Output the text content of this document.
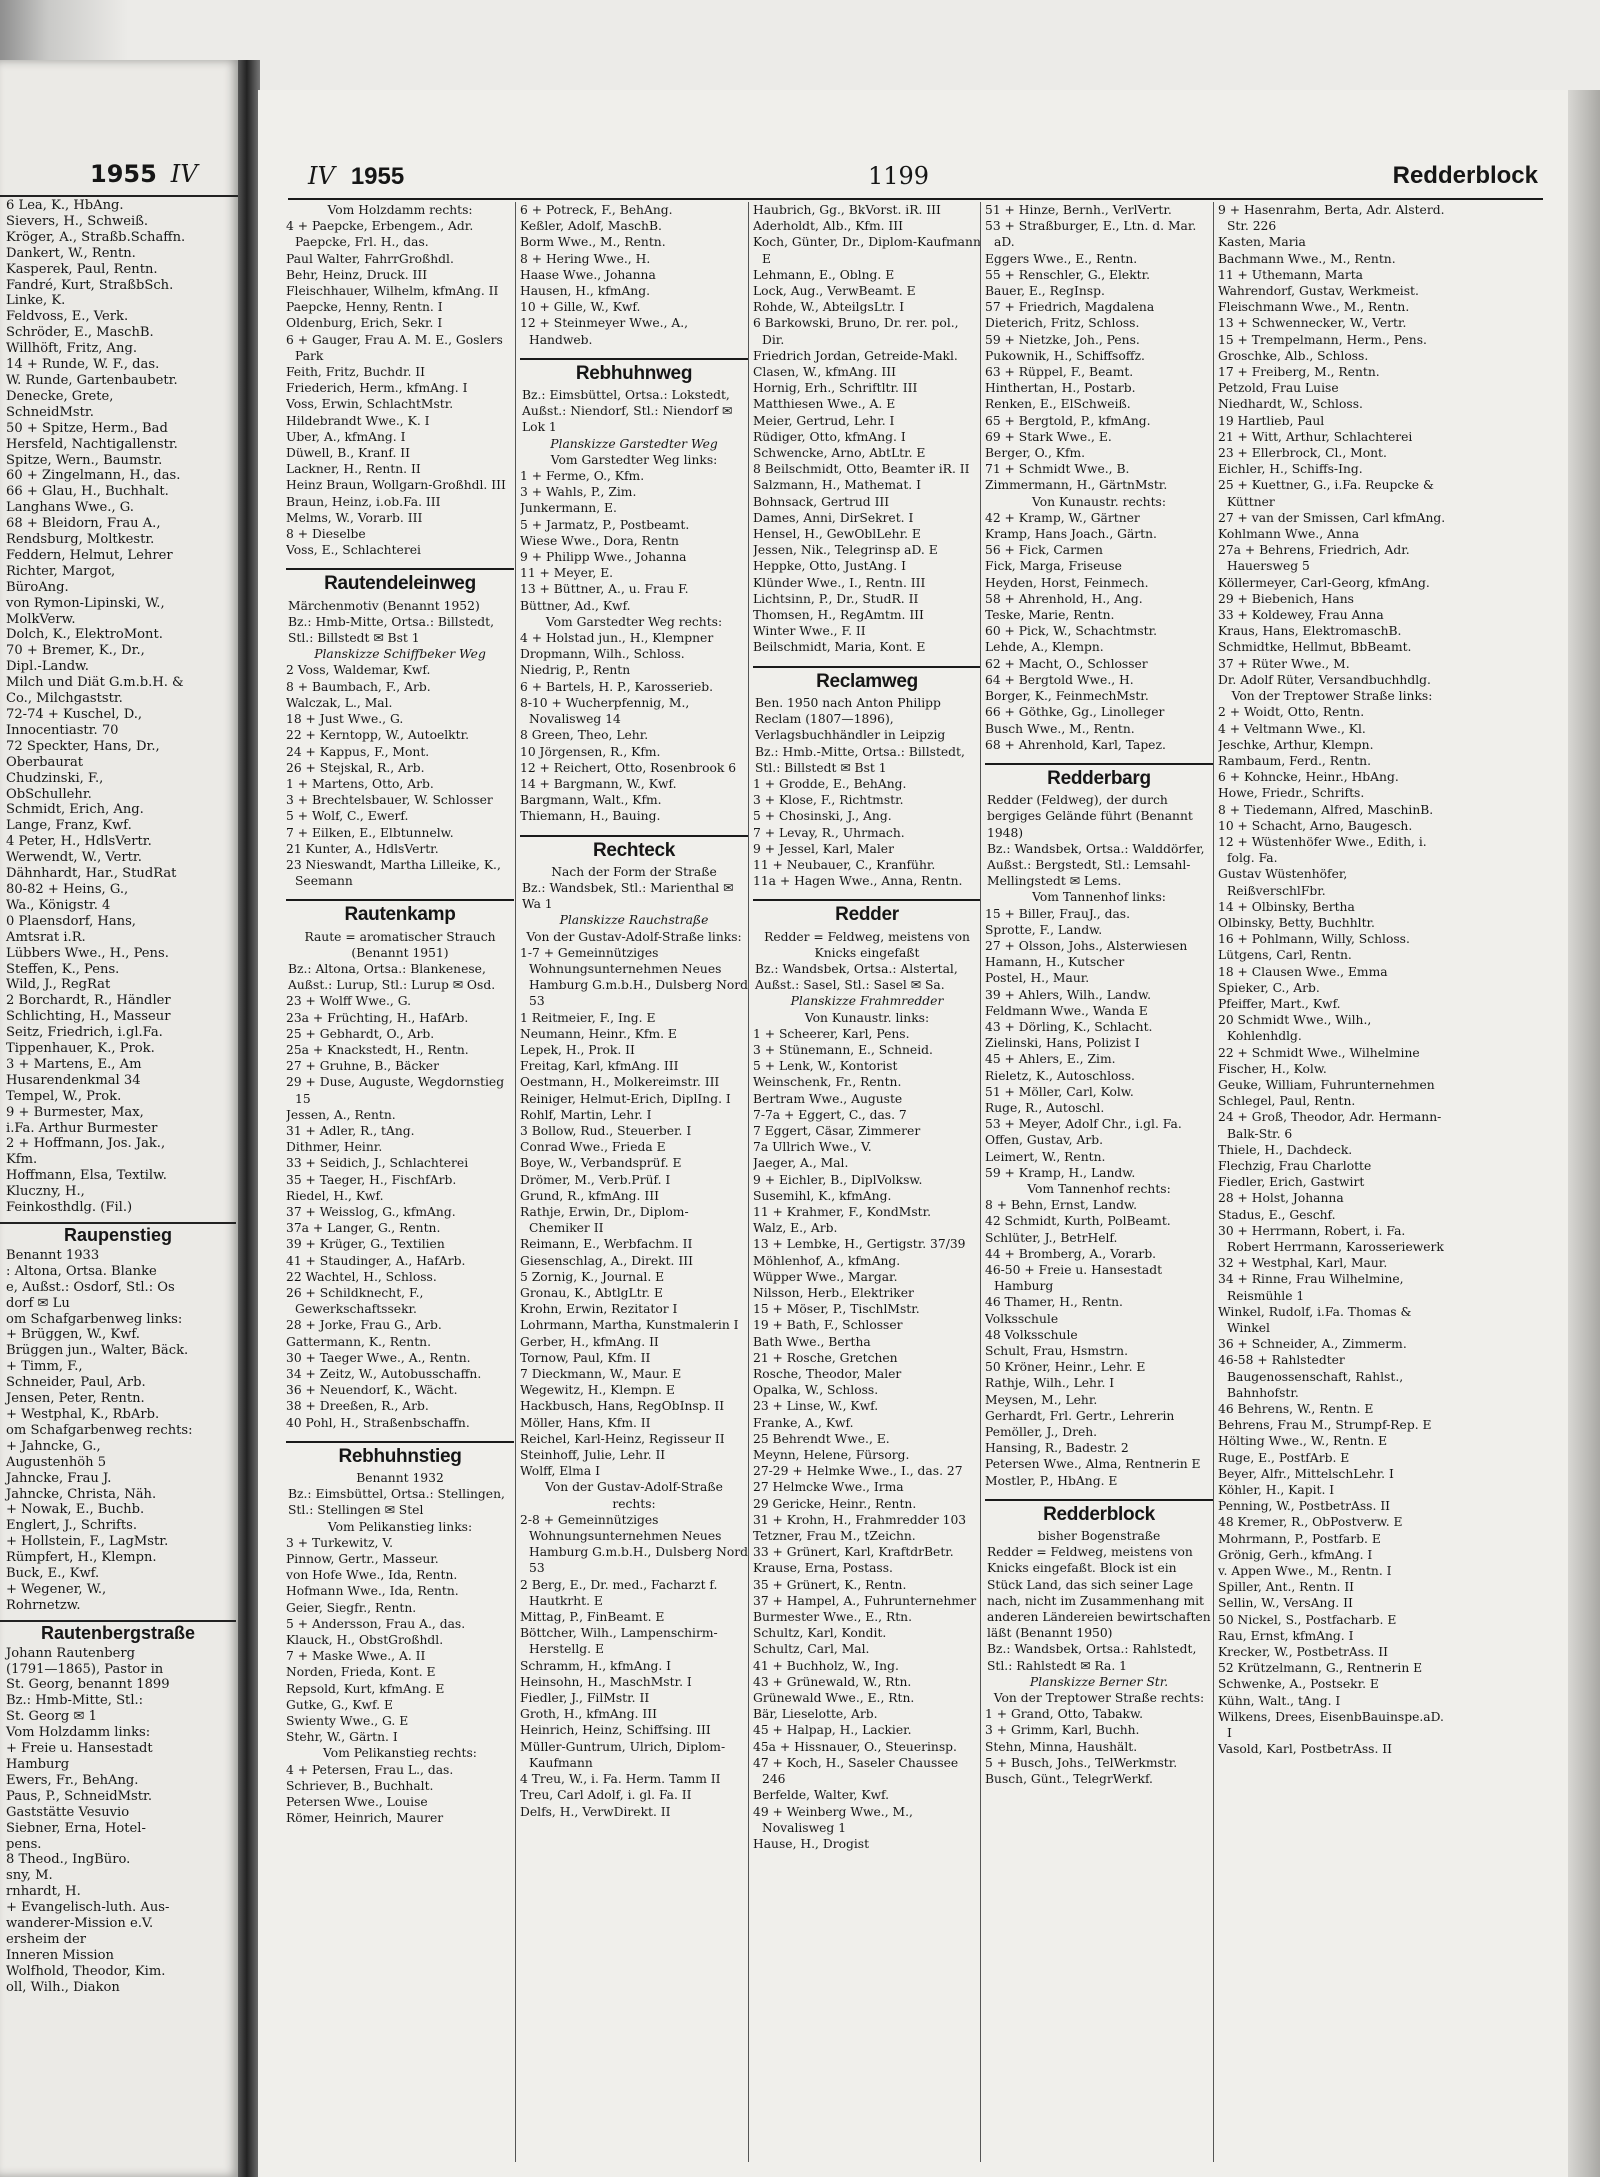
1955 IV
6 Lea, K., HbAng.
Sievers, H., Schweiß.
Kröger, A., Straßb.Schaffn.
Dankert, W., Rentn.
Kasperek, Paul, Rentn.
Fandré, Kurt, StraßbSch.
Linke, K.
Feldvoss, E., Verk.
Schröder, E., MaschB.
Willhöft, Fritz, Ang.
14 + Runde, W. F., das.
W. Runde, Gartenbaubetr.
Denecke, Grete,
SchneidMstr.
50 + Spitze, Herm., Bad
Hersfeld, Nachtigallenstr.
Spitze, Wern., Baumstr.
60 + Zingelmann, H., das.
66 + Glau, H., Buchhalt.
Langhans Wwe., G.
68 + Bleidorn, Frau A.,
Rendsburg, Moltkestr.
Feddern, Helmut, Lehrer
Richter, Margot,
BüroAng.
von Rymon-Lipinski, W.,
MolkVerw.
Dolch, K., ElektroMont.
70 + Bremer, K., Dr.,
Dipl.-Landw.
Milch und Diät G.m.b.H. &
Co., Milchgaststr.
72-74 + Kuschel, D.,
Innocentiastr. 70
72 Speckter, Hans, Dr.,
Oberbaurat
Chudzinski, F.,
ObSchullehr.
Schmidt, Erich, Ang.
Lange, Franz, Kwf.
4 Peter, H., HdlsVertr.
Werwendt, W., Vertr.
Dähnhardt, Har., StudRat
80-82 + Heins, G.,
Wa., Königstr. 4
0 Plaensdorf, Hans,
Amtsrat i.R.
Lübbers Wwe., H., Pens.
Steffen, K., Pens.
Wild, J., RegRat
2 Borchardt, R., Händler
Schlichting, H., Masseur
Seitz, Friedrich, i.gl.Fa.
Tippenhauer, K., Prok.
3 + Martens, E., Am
Husarendenkmal 34
Tempel, W., Prok.
9 + Burmester, Max,
i.Fa. Arthur Burmester
2 + Hoffmann, Jos. Jak.,
Kfm.
Hoffmann, Elsa, Textilw.
Kluczny, H.,
Feinkosthdlg. (Fil.)
Raupenstieg
Benannt 1933
: Altona, Ortsa. Blanke
e, Außst.: Osdorf, Stl.: Os
dorf ✉ Lu
om Schafgarbenweg links:
+ Brüggen, W., Kwf.
Brüggen jun., Walter, Bäck.
+ Timm, F.,
Schneider, Paul, Arb.
Jensen, Peter, Rentn.
+ Westphal, K., RbArb.
om Schafgarbenweg rechts:
+ Jahncke, G.,
Augustenhöh 5
Jahncke, Frau J.
Jahncke, Christa, Näh.
+ Nowak, E., Buchb.
Englert, J., Schrifts.
+ Hollstein, F., LagMstr.
Rümpfert, H., Klempn.
Buck, E., Kwf.
+ Wegener, W.,
Rohrnetzw.
Rautenbergstraße
Johann Rautenberg
(1791—1865), Pastor in
St. Georg, benannt 1899
Bz.: Hmb-Mitte, Stl.:
St. Georg ✉ 1
Vom Holzdamm links:
+ Freie u. Hansestadt
Hamburg
Ewers, Fr., BehAng.
Paus, P., SchneidMstr.
Gaststätte Vesuvio
Siebner, Erna, Hotel-
pens.
8 Theod., IngBüro.
sny, M.
rnhardt, H.
+ Evangelisch-luth. Aus-
wanderer-Mission e.V.
ersheim der
Inneren Mission
Wolfhold, Theodor, Kim.
oll, Wilh., Diakon
IV 1955	1199	Redderblock
Vom Holzdamm rechts:
4 + Paepcke, Erbengem., Adr. Paepcke, Frl. H., das.
Paul Walter, FahrrGroßhdl.
Behr, Heinz, Druck. III
Fleischhauer, Wilhelm, kfmAng. II
Paepcke, Henny, Rentn. I
Oldenburg, Erich, Sekr. I
6 + Gauger, Frau A. M. E., Goslers Park
Feith, Fritz, Buchdr. II
Friederich, Herm., kfmAng. I
Voss, Erwin, SchlachtMstr.
Hildebrandt Wwe., K. I
Uber, A., kfmAng. I
Düwell, B., Kranf. II
Lackner, H., Rentn. II
Heinz Braun, Wollgarn-Großhdl. III
Braun, Heinz, i.ob.Fa. III
Melms, W., Vorarb. III
8 + Dieselbe
Voss, E., Schlachterei
Rautendeleinweg
Märchenmotiv (Benannt 1952)
Bz.: Hmb-Mitte, Ortsa.: Billstedt, Stl.: Billstedt ✉ Bst 1
Planskizze Schiffbeker Weg
2 Voss, Waldemar, Kwf.
8 + Baumbach, F., Arb.
Walczak, L., Mal.
18 + Just Wwe., G.
22 + Kerntopp, W., Autoelktr.
24 + Kappus, F., Mont.
26 + Stejskal, R., Arb.
1 + Martens, Otto, Arb.
3 + Brechtelsbauer, W. Schlosser
5 + Wolf, C., Ewerf.
7 + Eilken, E., Elbtunnelw.
21 Kunter, A., HdlsVertr.
23 Nieswandt, Martha Lilleike, K., Seemann
Rautenkamp
Raute = aromatischer Strauch (Benannt 1951)
Bz.: Altona, Ortsa.: Blankenese, Außst.: Lurup, Stl.: Lurup ✉ Osd.
23 + Wolff Wwe., G.
23a + Früchting, H., HafArb.
25 + Gebhardt, O., Arb.
25a + Knackstedt, H., Rentn.
27 + Gruhne, B., Bäcker
29 + Duse, Auguste, Wegdornstieg 15
Jessen, A., Rentn.
31 + Adler, R., tAng.
Dithmer, Heinr.
33 + Seidich, J., Schlachterei
35 + Taeger, H., FischfArb.
Riedel, H., Kwf.
37 + Weisslog, G., kfmAng.
37a + Langer, G., Rentn.
39 + Krüger, G., Textilien
41 + Staudinger, A., HafArb.
22 Wachtel, H., Schloss.
26 + Schildknecht, F., Gewerkschaftssekr.
28 + Jorke, Frau G., Arb.
Gattermann, K., Rentn.
30 + Taeger Wwe., A., Rentn.
34 + Zeitz, W., Autobusschaffn.
36 + Neuendorf, K., Wächt.
38 + Dreeßen, R., Arb.
40 Pohl, H., Straßenbschaffn.
Rebhuhnstieg
Benannt 1932
Bz.: Eimsbüttel, Ortsa.: Stellingen, Stl.: Stellingen ✉ Stel
Vom Pelikanstieg links:
3 + Turkewitz, V.
Pinnow, Gertr., Masseur.
von Hofe Wwe., Ida, Rentn.
Hofmann Wwe., Ida, Rentn.
Geier, Siegfr., Rentn.
5 + Andersson, Frau A., das.
Klauck, H., ObstGroßhdl.
7 + Maske Wwe., A. II
Norden, Frieda, Kont. E
Repsold, Kurt, kfmAng. E
Gutke, G., Kwf. E
Swienty Wwe., G. E
Stehr, W., Gärtn. I
Vom Pelikanstieg rechts:
4 + Petersen, Frau L., das.
Schriever, B., Buchhalt.
Petersen Wwe., Louise
Römer, Heinrich, Maurer
6 + Potreck, F., BehAng.
Keßler, Adolf, MaschB.
Borm Wwe., M., Rentn.
8 + Hering Wwe., H.
Haase Wwe., Johanna
Hausen, H., kfmAng.
10 + Gille, W., Kwf.
12 + Steinmeyer Wwe., A., Handweb.
Rebhuhnweg
Bz.: Eimsbüttel, Ortsa.: Lokstedt, Außst.: Niendorf, Stl.: Niendorf ✉ Lok 1
Planskizze Garstedter Weg
Vom Garstedter Weg links:
1 + Ferme, O., Kfm.
3 + Wahls, P., Zim.
Junkermann, E.
5 + Jarmatz, P., Postbeamt.
Wiese Wwe., Dora, Rentn
9 + Philipp Wwe., Johanna
11 + Meyer, E.
13 + Büttner, A., u. Frau F.
Büttner, Ad., Kwf.
Vom Garstedter Weg rechts:
4 + Holstad jun., H., Klempner
Dropmann, Wilh., Schloss.
Niedrig, P., Rentn
6 + Bartels, H. P., Karosserieb.
8-10 + Wucherpfennig, M., Novalisweg 14
8 Green, Theo, Lehr.
10 Jörgensen, R., Kfm.
12 + Reichert, Otto, Rosenbrook 6
14 + Bargmann, W., Kwf.
Bargmann, Walt., Kfm.
Thiemann, H., Bauing.
Rechteck
Nach der Form der Straße
Bz.: Wandsbek, Stl.: Marienthal ✉ Wa 1
Planskizze Rauchstraße
Von der Gustav-Adolf-Straße links:
1-7 + Gemeinnütziges Wohnungsunternehmen Neues Hamburg G.m.b.H., Dulsberg Nord 53
1 Reitmeier, F., Ing. E
Neumann, Heinr., Kfm. E
Lepek, H., Prok. II
Freitag, Karl, kfmAng. III
Oestmann, H., Molkereimstr. III
Reiniger, Helmut-Erich, DiplIng. I
Rohlf, Martin, Lehr. I
3 Bollow, Rud., Steuerber. I
Conrad Wwe., Frieda E
Boye, W., Verbandsprüf. E
Drömer, M., Verb.Prüf. I
Grund, R., kfmAng. III
Rathje, Erwin, Dr., Diplom-Chemiker II
Reimann, E., Werbfachm. II
Giesenschlag, A., Direkt. III
5 Zornig, K., Journal. E
Gronau, K., AbtlgLtr. E
Krohn, Erwin, Rezitator I
Lohrmann, Martha, Kunstmalerin I
Gerber, H., kfmAng. II
Tornow, Paul, Kfm. II
7 Dieckmann, W., Maur. E
Wegewitz, H., Klempn. E
Hackbusch, Hans, RegObInsp. II
Möller, Hans, Kfm. II
Reichel, Karl-Heinz, Regisseur II
Steinhoff, Julie, Lehr. II
Wolff, Elma I
Von der Gustav-Adolf-Straße rechts:
2-8 + Gemeinnütziges Wohnungsunternehmen Neues Hamburg G.m.b.H., Dulsberg Nord 53
2 Berg, E., Dr. med., Facharzt f. Hautkrht. E
Mittag, P., FinBeamt. E
Böttcher, Wilh., Lampenschirm-Herstellg. E
Schramm, H., kfmAng. I
Heinsohn, H., MaschMstr. I
Fiedler, J., FilMstr. II
Groth, H., kfmAng. III
Heinrich, Heinz, Schiffsing. III
Müller-Guntrum, Ulrich, Diplom-Kaufmann
4 Treu, W., i. Fa. Herm. Tamm II
Treu, Carl Adolf, i. gl. Fa. II
Delfs, H., VerwDirekt. II
Haubrich, Gg., BkVorst. iR. III
Aderholdt, Alb., Kfm. III
Koch, Günter, Dr., Diplom-Kaufmann E
Lehmann, E., Oblng. E
Lock, Aug., VerwBeamt. E
Rohde, W., AbteilgsLtr. I
6 Barkowski, Bruno, Dr. rer. pol., Dir.
Friedrich Jordan, Getreide-Makl.
Clasen, W., kfmAng. III
Hornig, Erh., Schriftltr. III
Matthiesen Wwe., A. E
Meier, Gertrud, Lehr. I
Rüdiger, Otto, kfmAng. I
Schwencke, Arno, AbtLtr. E
8 Beilschmidt, Otto, Beamter iR. II
Salzmann, H., Mathemat. I
Bohnsack, Gertrud III
Dames, Anni, DirSekret. I
Hensel, H., GewOblLehr. E
Jessen, Nik., Telegrinsp aD. E
Heppke, Otto, JustAng. I
Klünder Wwe., I., Rentn. III
Lichtsinn, P., Dr., StudR. II
Thomsen, H., RegAmtm. III
Winter Wwe., F. II
Beilschmidt, Maria, Kont. E
Reclamweg
Ben. 1950 nach Anton Philipp Reclam (1807—1896), Verlagsbuchhändler in Leipzig
Bz.: Hmb.-Mitte, Ortsa.: Billstedt, Stl.: Billstedt ✉ Bst 1
1 + Grodde, E., BehAng.
3 + Klose, F., Richtmstr.
5 + Chosinski, J., Ang.
7 + Levay, R., Uhrmach.
9 + Jessel, Karl, Maler
11 + Neubauer, C., Kranführ.
11a + Hagen Wwe., Anna, Rentn.
Redder
Redder = Feldweg, meistens von Knicks eingefaßt
Bz.: Wandsbek, Ortsa.: Alstertal, Außst.: Sasel, Stl.: Sasel ✉ Sa.
Planskizze Frahmredder
Von Kunaustr. links:
1 + Scheerer, Karl, Pens.
3 + Stünemann, E., Schneid.
5 + Lenk, W., Kontorist
Weinschenk, Fr., Rentn.
Bertram Wwe., Auguste
7-7a + Eggert, C., das. 7
7 Eggert, Cäsar, Zimmerer
7a Ullrich Wwe., V.
Jaeger, A., Mal.
9 + Eichler, B., DiplVolksw.
Susemihl, K., kfmAng.
11 + Krahmer, F., KondMstr.
Walz, E., Arb.
13 + Lembke, H., Gertigstr. 37/39
Möhlenhof, A., kfmAng.
Wüpper Wwe., Margar.
Nilsson, Herb., Elektriker
15 + Möser, P., TischlMstr.
19 + Bath, F., Schlosser
Bath Wwe., Bertha
21 + Rosche, Gretchen
Rosche, Theodor, Maler
Opalka, W., Schloss.
23 + Linse, W., Kwf.
Franke, A., Kwf.
25 Behrendt Wwe., E.
Meynn, Helene, Fürsorg.
27-29 + Helmke Wwe., I., das. 27
27 Helmcke Wwe., Irma
29 Gericke, Heinr., Rentn.
31 + Krohn, H., Frahmredder 103
Tetzner, Frau M., tZeichn.
33 + Grünert, Karl, KraftdrBetr.
Krause, Erna, Postass.
35 + Grünert, K., Rentn.
37 + Hampel, A., Fuhrunternehmer
Burmester Wwe., E., Rtn.
Schultz, Karl, Kondit.
Schultz, Carl, Mal.
41 + Buchholz, W., Ing.
43 + Grünewald, W., Rtn.
Grünewald Wwe., E., Rtn.
Bär, Lieselotte, Arb.
45 + Halpap, H., Lackier.
45a + Hissnauer, O., Steuerinsp.
47 + Koch, H., Saseler Chaussee 246
Berfelde, Walter, Kwf.
49 + Weinberg Wwe., M., Novalisweg 1
Hause, H., Drogist
51 + Hinze, Bernh., VerlVertr.
53 + Straßburger, E., Ltn. d. Mar. aD.
Eggers Wwe., E., Rentn.
55 + Renschler, G., Elektr.
Bauer, E., RegInsp.
57 + Friedrich, Magdalena
Dieterich, Fritz, Schloss.
59 + Nietzke, Joh., Pens.
Pukownik, H., Schiffsoffz.
63 + Rüppel, F., Beamt.
Hinthertan, H., Postarb.
Renken, E., ElSchweiß.
65 + Bergtold, P., kfmAng.
69 + Stark Wwe., E.
Berger, O., Kfm.
71 + Schmidt Wwe., B.
Zimmermann, H., GärtnMstr.
Von Kunaustr. rechts:
42 + Kramp, W., Gärtner
Kramp, Hans Joach., Gärtn.
56 + Fick, Carmen
Fick, Marga, Friseuse
Heyden, Horst, Feinmech.
58 + Ahrenhold, H., Ang.
Teske, Marie, Rentn.
60 + Pick, W., Schachtmstr.
Lehde, A., Klempn.
62 + Macht, O., Schlosser
64 + Bergtold Wwe., H.
Borger, K., FeinmechMstr.
66 + Göthke, Gg., Linolleger
Busch Wwe., M., Rentn.
68 + Ahrenhold, Karl, Tapez.
Redderbarg
Redder (Feldweg), der durch bergiges Gelände führt (Benannt 1948)
Bz.: Wandsbek, Ortsa.: Walddörfer, Außst.: Bergstedt, Stl.: Lemsahl-Mellingstedt ✉ Lems.
Vom Tannenhof links:
15 + Biller, FrauJ., das.
Sprotte, F., Landw.
27 + Olsson, Johs., Alsterwiesen
Hamann, H., Kutscher
Postel, H., Maur.
39 + Ahlers, Wilh., Landw.
Feldmann Wwe., Wanda E
43 + Dörling, K., Schlacht.
Zielinski, Hans, Polizist I
45 + Ahlers, E., Zim.
Rieletz, K., Autoschloss.
51 + Möller, Carl, Kolw.
Ruge, R., Autoschl.
53 + Meyer, Adolf Chr., i.gl. Fa.
Offen, Gustav, Arb.
Leimert, W., Rentn.
59 + Kramp, H., Landw.
Vom Tannenhof rechts:
8 + Behn, Ernst, Landw.
42 Schmidt, Kurth, PolBeamt.
Schlüter, J., BetrHelf.
44 + Bromberg, A., Vorarb.
46-50 + Freie u. Hansestadt Hamburg
46 Thamer, H., Rentn.
Volksschule
48 Volksschule
Schult, Frau, Hsmstrn.
50 Kröner, Heinr., Lehr. E
Rathje, Wilh., Lehr. I
Meysen, M., Lehr.
Gerhardt, Frl. Gertr., Lehrerin
Pemöller, J., Dreh.
Hansing, R., Badestr. 2
Petersen Wwe., Alma, Rentnerin E
Mostler, P., HbAng. E
Redderblock
bisher Bogenstraße
Redder = Feldweg, meistens von Knicks eingefaßt. Block ist ein Stück Land, das sich seiner Lage nach, nicht im Zusammenhang mit anderen Ländereien bewirtschaften läßt (Benannt 1950)
Bz.: Wandsbek, Ortsa.: Rahlstedt, Stl.: Rahlstedt ✉ Ra. 1
Planskizze Berner Str.
Von der Treptower Straße rechts:
1 + Grand, Otto, Tabakw.
3 + Grimm, Karl, Buchh.
Stehn, Minna, Haushält.
5 + Busch, Johs., TelWerkmstr.
Busch, Günt., TelegrWerkf.
9 + Hasenrahm, Berta, Adr. Alsterd. Str. 226
Kasten, Maria
Bachmann Wwe., M., Rentn.
11 + Uthemann, Marta
Wahrendorf, Gustav, Werkmeist.
Fleischmann Wwe., M., Rentn.
13 + Schwennecker, W., Vertr.
15 + Trempelmann, Herm., Pens.
Groschke, Alb., Schloss.
17 + Freiberg, M., Rentn.
Petzold, Frau Luise
Niedhardt, W., Schloss.
19 Hartlieb, Paul
21 + Witt, Arthur, Schlachterei
23 + Ellerbrock, Cl., Mont.
Eichler, H., Schiffs-Ing.
25 + Kuettner, G., i.Fa. Reupcke & Küttner
27 + van der Smissen, Carl kfmAng.
Kohlmann Wwe., Anna
27a + Behrens, Friedrich, Adr. Hauersweg 5
Köllermeyer, Carl-Georg, kfmAng.
29 + Biebenich, Hans
33 + Koldewey, Frau Anna
Kraus, Hans, ElektromaschB.
Schmidtke, Hellmut, BbBeamt.
37 + Rüter Wwe., M.
Dr. Adolf Rüter, Versandbuchhdlg.
Von der Treptower Straße links:
2 + Woidt, Otto, Rentn.
4 + Veltmann Wwe., Kl.
Jeschke, Arthur, Klempn.
Rambaum, Ferd., Rentn.
6 + Kohncke, Heinr., HbAng.
Howe, Friedr., Schrifts.
8 + Tiedemann, Alfred, MaschinB.
10 + Schacht, Arno, Baugesch.
12 + Wüstenhöfer Wwe., Edith, i. folg. Fa.
Gustav Wüstenhöfer, ReißverschlFbr.
14 + Olbinsky, Bertha
Olbinsky, Betty, Buchhltr.
16 + Pohlmann, Willy, Schloss.
Lütgens, Carl, Rentn.
18 + Clausen Wwe., Emma
Spieker, C., Arb.
Pfeiffer, Mart., Kwf.
20 Schmidt Wwe., Wilh., Kohlenhdlg.
22 + Schmidt Wwe., Wilhelmine
Fischer, H., Kolw.
Geuke, William, Fuhrunternehmen
Schlegel, Paul, Rentn.
24 + Groß, Theodor, Adr. Hermann-Balk-Str. 6
Thiele, H., Dachdeck.
Flechzig, Frau Charlotte
Fiedler, Erich, Gastwirt
28 + Holst, Johanna
Stadus, E., Geschf.
30 + Herrmann, Robert, i. Fa. Robert Herrmann, Karosseriewerk
32 + Westphal, Karl, Maur.
34 + Rinne, Frau Wilhelmine, Reismühle 1
Winkel, Rudolf, i.Fa. Thomas & Winkel
36 + Schneider, A., Zimmerm.
46-58 + Rahlstedter Baugenossenschaft, Rahlst., Bahnhofstr.
46 Behrens, W., Rentn. E
Behrens, Frau M., Strumpf-Rep. E
Hölting Wwe., W., Rentn. E
Ruge, E., PostfArb. E
Beyer, Alfr., MittelschLehr. I
Köhler, H., Kapit. I
Penning, W., PostbetrAss. II
48 Kremer, R., ObPostverw. E
Mohrmann, P., Postfarb. E
Grönig, Gerh., kfmAng. I
v. Appen Wwe., M., Rentn. I
Spiller, Ant., Rentn. II
Sellin, W., VersAng. II
50 Nickel, S., Postfacharb. E
Rau, Ernst, kfmAng. I
Krecker, W., PostbetrAss. II
52 Krützelmann, G., Rentnerin E
Schwenke, A., Postsekr. E
Kühn, Walt., tAng. I
Wilkens, Drees, EisenbBauinspe.aD. I
Vasold, Karl, PostbetrAss. II
